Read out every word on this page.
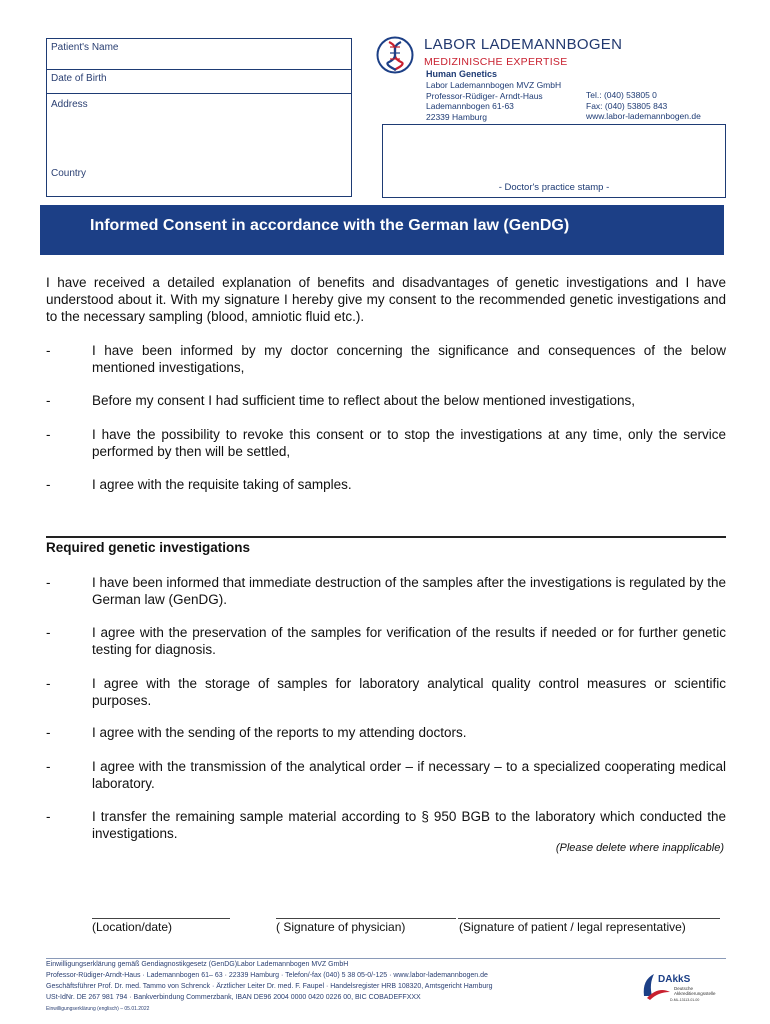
Patient's Name
Date of Birth
Address
Country
LABOR LADEMANNBOGEN
MEDIZINISCHE EXPERTISE
Human Genetics
Labor Lademannbogen MVZ GmbH
Professor-Rüdiger- Arndt-Haus
Lademannbogen 61-63
22339 Hamburg
Tel.: (040) 53805 0
Fax: (040) 53805 843
www.labor-lademannbogen.de
- Doctor's practice stamp -
Informed Consent in accordance with the German law (GenDG)
I have received a detailed explanation of benefits and disadvantages of genetic investigations and I have understood about it. With my signature I hereby give my consent to the recommended genetic investigations and to the necessary sampling (blood, amniotic fluid etc.).
-	I have been informed by my doctor concerning the significance and consequences of the below mentioned investigations,
-	Before my consent I had sufficient time to reflect about the below mentioned investigations,
-	I have the possibility to revoke this consent or to stop the investigations at any time, only the service performed by then will be settled,
-	I agree with the requisite taking of samples.
Required genetic investigations
-	I have been informed that immediate destruction of the samples after the investigations is regulated by the German law (GenDG).
-	I agree with the preservation of the samples for verification of the results if needed or for further genetic testing for diagnosis.
-	I agree with the storage of samples for laboratory analytical quality control measures or scientific purposes.
-	I agree with the sending of the reports to my attending doctors.
-	I agree with the transmission of the analytical order – if necessary – to a specialized cooperating medical laboratory.
-	I transfer the remaining sample material according to § 950 BGB to the laboratory which conducted the investigations.
(Please delete where inapplicable)
(Location/date)	( Signature of physician)	(Signature of patient / legal representative)
Einwilligungserklärung gemäß Gendiagnostikgesetz (GenDG)Labor Lademannbogen MVZ GmbH
Professor-Rüdiger-Arndt-Haus · Lademannbogen 61– 63 · 22339 Hamburg · Telefon/-fax (040) 5 38 05-0/-125 · www.labor-lademannbogen.de
Geschäftsführer Prof. Dr. med. Tammo von Schrenck · Ärztlicher Leiter Dr. med. F. Faupel · Handelsregister HRB 108320, Amtsgericht Hamburg
USt-IdNr. DE 267 981 794 · Bankverbindung Commerzbank, IBAN DE96 2004 0000 0420 0226 00, BIC COBADEFFXXX
Einwilligungserklärung (englisch) – 05.01.2022
DAkkS
Deutsche
Akkreditierungsstelle
D-ML-13113-01-00
